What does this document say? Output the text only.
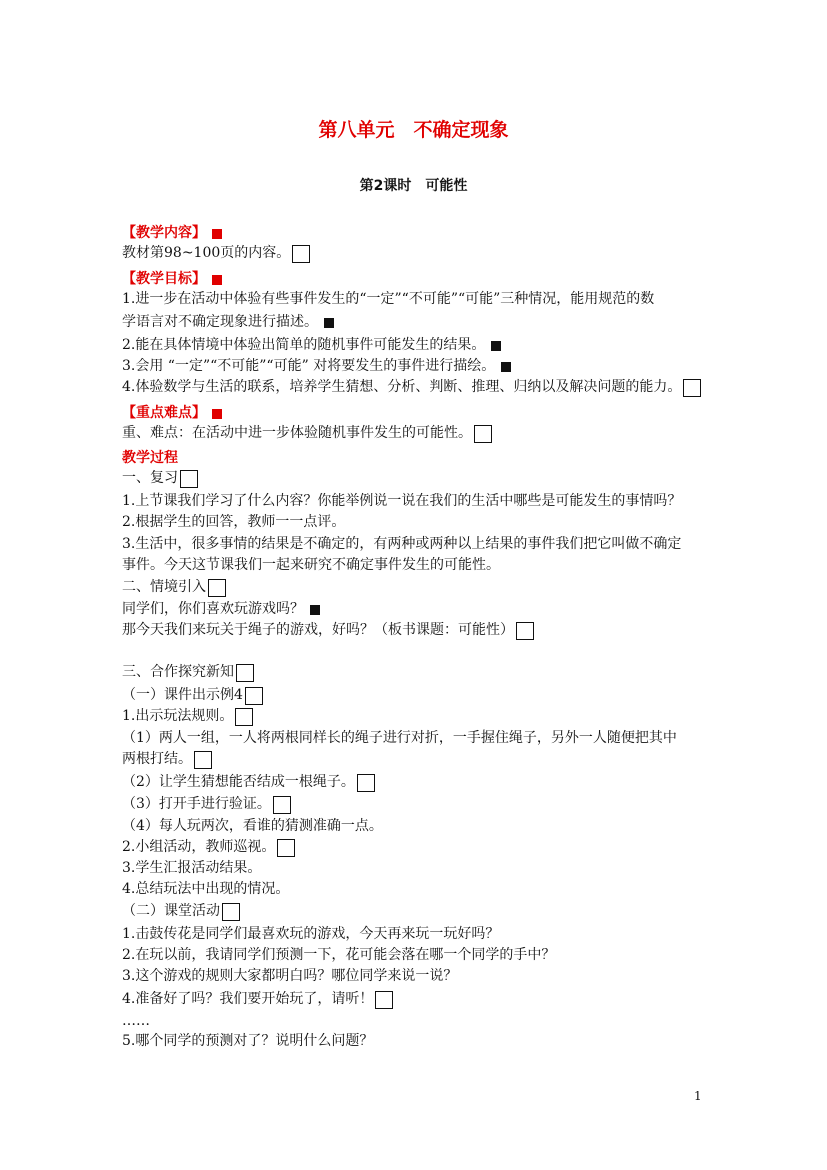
第八单元　不确定现象
第2课时　可能性
【教学内容】
教材第98~100页的内容。
【教学目标】
1.进一步在活动中体验有些事件发生的“一定”“不可能”“可能”三种情况，能用规范的数
学语言对不确定现象进行描述。
2.能在具体情境中体验出简单的随机事件可能发生的结果。
3.会用 “一定”“不可能”“可能” 对将要发生的事件进行描绘。
4.体验数学与生活的联系，培养学生猜想、分析、判断、推理、归纳以及解决问题的能力。
【重点难点】
重、难点：在活动中进一步体验随机事件发生的可能性。
教学过程
一、复习
1.上节课我们学习了什么内容？你能举例说一说在我们的生活中哪些是可能发生的事情吗？
2.根据学生的回答，教师一一点评。
3.生活中，很多事情的结果是不确定的，有两种或两种以上结果的事件我们把它叫做不确定
事件。今天这节课我们一起来研究不确定事件发生的可能性。
二、情境引入
同学们，你们喜欢玩游戏吗？
那今天我们来玩关于绳子的游戏，好吗？（板书课题：可能性）
三、合作探究新知
（一）课件出示例4
1.出示玩法规则。
（1）两人一组，一人将两根同样长的绳子进行对折，一手握住绳子，另外一人随便把其中
两根打结。
（2）让学生猜想能否结成一根绳子。
（3）打开手进行验证。
（4）每人玩两次，看谁的猜测准确一点。
2.小组活动，教师巡视。
3.学生汇报活动结果。
4.总结玩法中出现的情况。
（二）课堂活动
1.击鼓传花是同学们最喜欢玩的游戏，今天再来玩一玩好吗？
2.在玩以前，我请同学们预测一下，花可能会落在哪一个同学的手中？
3.这个游戏的规则大家都明白吗？哪位同学来说一说？
4.准备好了吗？我们要开始玩了，请听！
……
5.哪个同学的预测对了？说明什么问题？
1
